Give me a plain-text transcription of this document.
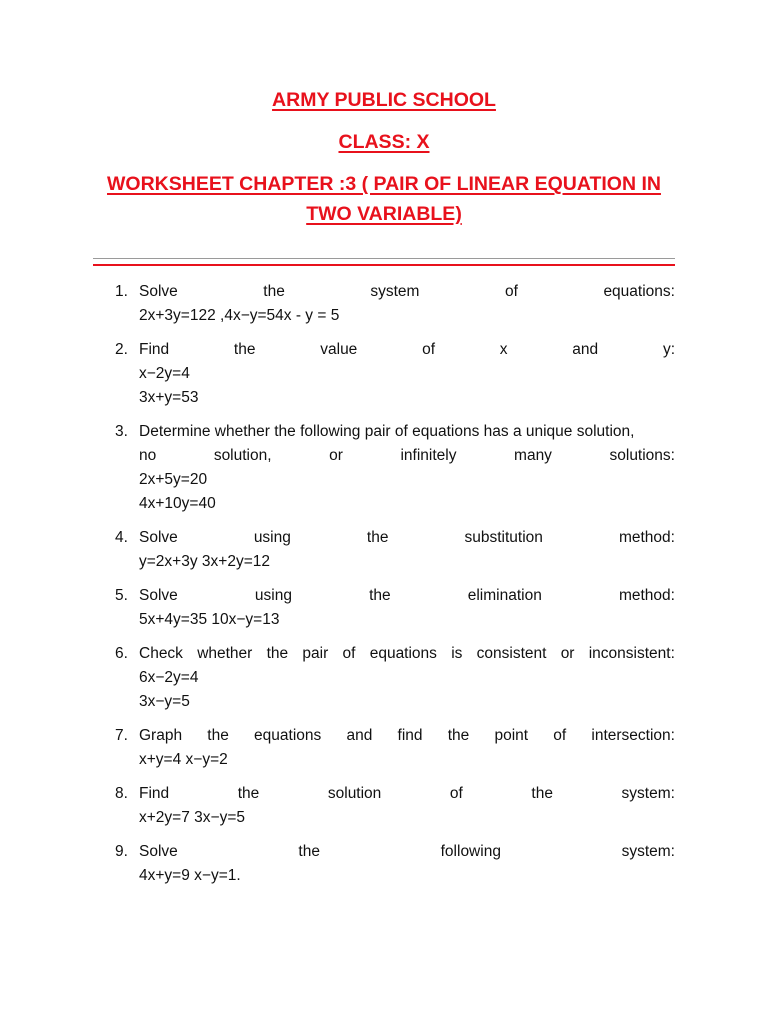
ARMY PUBLIC SCHOOL
CLASS: X
WORKSHEET CHAPTER :3 ( PAIR OF LINEAR EQUATION IN
TWO VARIABLE)
1. Solve	the	system	of	equations:
2x+3y=122 ,4x−y=54x - y = 5
2. Find	the	value	of	x	and	y:
x−2y=4
3x+y=53
3. Determine whether the following pair of equations has a unique solution,
no	solution,	or	infinitely	many	solutions:
2x+5y=20
4x+10y=40
4. Solve	using	the	substitution	method:
y=2x+3y 3x+2y=12
5. Solve	using	the	elimination	method:
5x+4y=35 10x−y=13
6. Check whether the pair of equations is consistent or inconsistent:
6x−2y=4
3x−y=5
7. Graph the equations and find the point of intersection:
x+y=4 x−y=2
8. Find	the	solution	of	the	system:
x+2y=7 3x−y=5
9. Solve	the	following	system:
4x+y=9 x−y=1.
